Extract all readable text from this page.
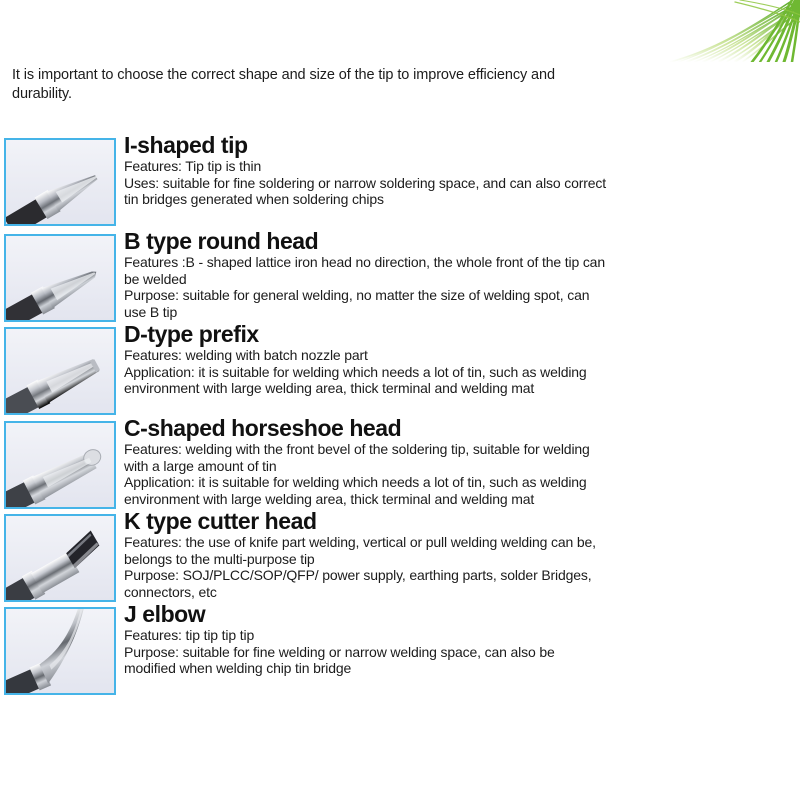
It is important to choose the correct shape and size of the tip to improve efficiency and durability.

I-shaped tip
Features: Tip tip is thin
Uses: suitable for fine soldering or narrow soldering space, and can also correct
tin bridges generated when soldering chips
B type round head
Features :B - shaped lattice iron head no direction, the whole front of the tip can
be welded
Purpose: suitable for general welding, no matter the size of welding spot, can
use B tip
D-type prefix
Features: welding with batch nozzle part
Application: it is suitable for welding which needs a lot of tin, such as welding
environment with large welding area, thick terminal and welding mat
C-shaped horseshoe head
Features: welding with the front bevel of the soldering tip, suitable for welding
with a large amount of tin
Application: it is suitable for welding which needs a lot of tin, such as welding
environment with large welding area, thick terminal and welding mat
K type cutter head
Features: the use of knife part welding, vertical or pull welding welding can be,
belongs to the multi-purpose tip
Purpose: SOJ/PLCC/SOP/QFP/ power supply, earthing parts, solder Bridges,
connectors, etc
J elbow
Features: tip tip tip tip
Purpose: suitable for fine welding or narrow welding space, can also be
modified when welding chip tin bridge
